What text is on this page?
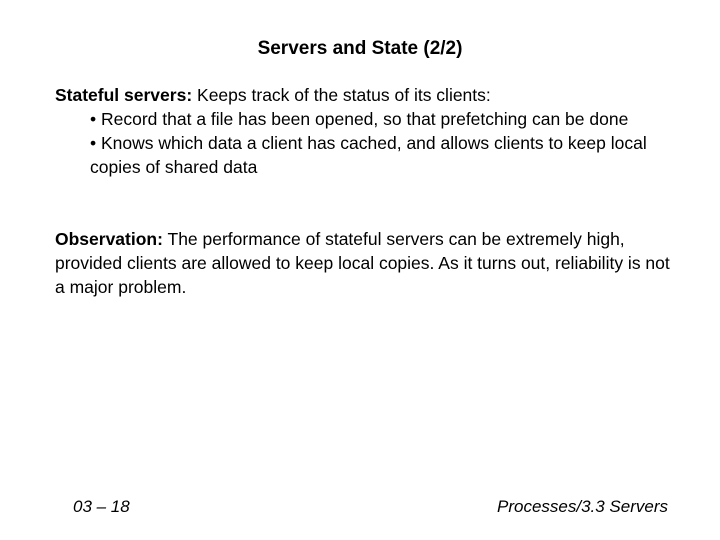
Servers and State (2/2)
Stateful servers: Keeps track of the status of its clients:
• Record that a file has been opened, so that prefetching can be done
• Knows which data a client has cached, and allows clients to keep local copies of shared data
Observation: The performance of stateful servers can be extremely high, provided clients are allowed to keep local copies. As it turns out, reliability is not a major problem.
03 – 18	Processes/3.3 Servers
